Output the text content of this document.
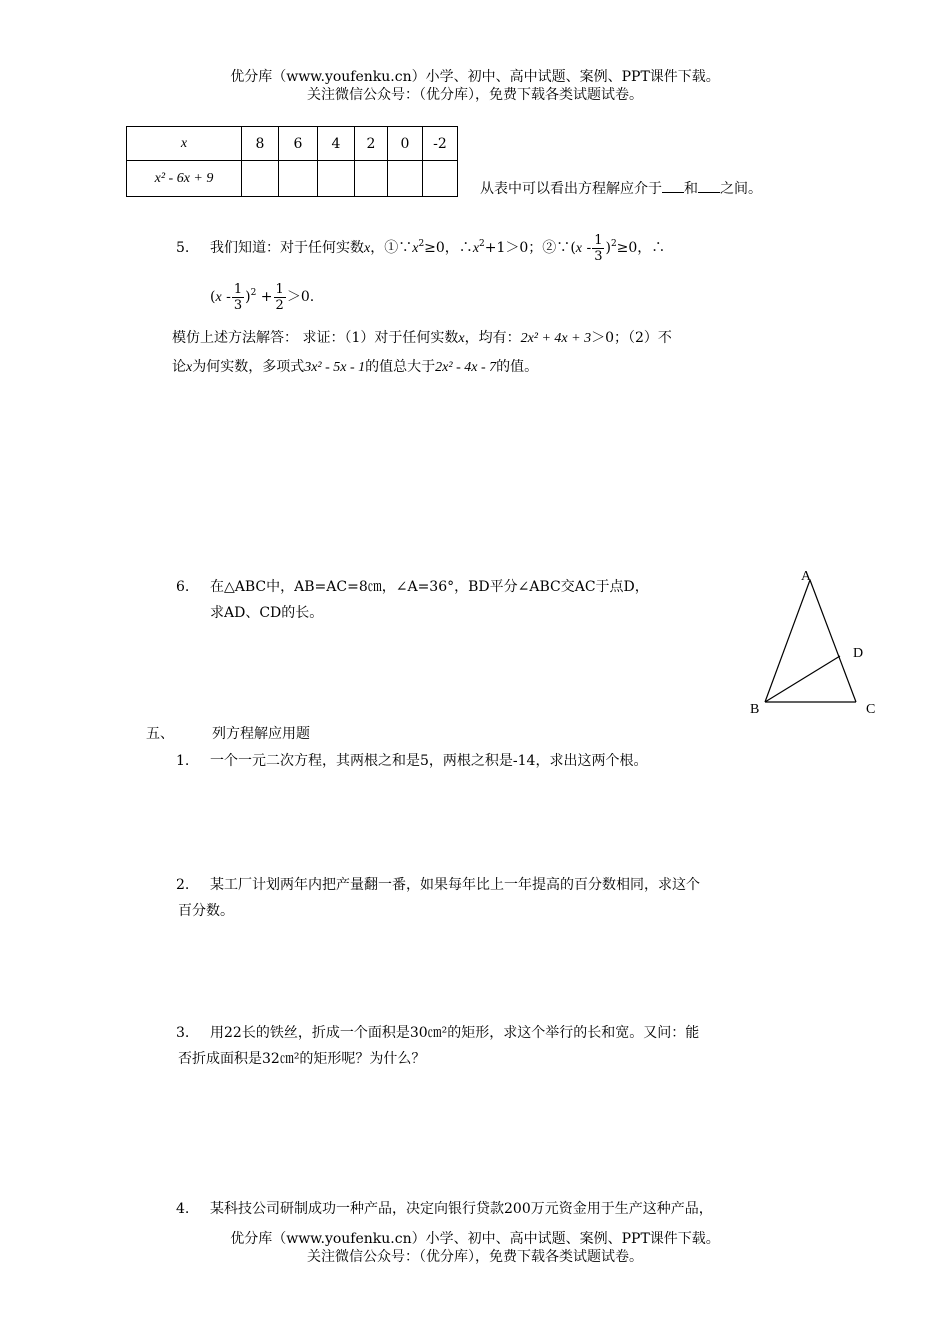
优分库（www.youfenku.cn）小学、初中、高中试题、案例、PPT课件下载。
关注微信公众号：（优分库），免费下载各类试题试卷。
x	8	6	4	2	0	-2
x² - 6x + 9						
从表中可以看出方程解应介于 和 之间。
5. 我们知道：对于任何实数x，$①\because x^2\ge 0$，$\therefore x^2+1>0$；②∵(x - $\frac{1}{3} )^2\ge 0$，∴
$(x - \frac{1}{3} )^2 + \frac{1}{2} >0$.
模仿上述方法解答： 求证：（1）对于任何实数x，均有：2x² + 4x + 3＞0；（2）不
论x为何实数，多项式3x² - 5x - 1的值总大于2x² - 4x - 7的值。
6. 在△ABC中，AB=AC=8㎝，∠A=36°，BD平分∠ABC交AC于点D，
求AD、CD的长。
A
B	C
D
五、	列方程解应用题
1. 一个一元二次方程，其两根之和是5，两根之积是-14，求出这两个根。
2. 某工厂计划两年内把产量翻一番，如果每年比上一年提高的百分数相同，求这个
百分数。
3. 用22长的铁丝，折成一个面积是30㎝²的矩形，求这个举行的长和宽。又问：能
否折成面积是32㎝²的矩形呢？为什么？
4. 某科技公司研制成功一种产品，决定向银行贷款200万元资金用于生产这种产品，
优分库（www.youfenku.cn）小学、初中、高中试题、案例、PPT课件下载。
关注微信公众号：（优分库），免费下载各类试题试卷。
